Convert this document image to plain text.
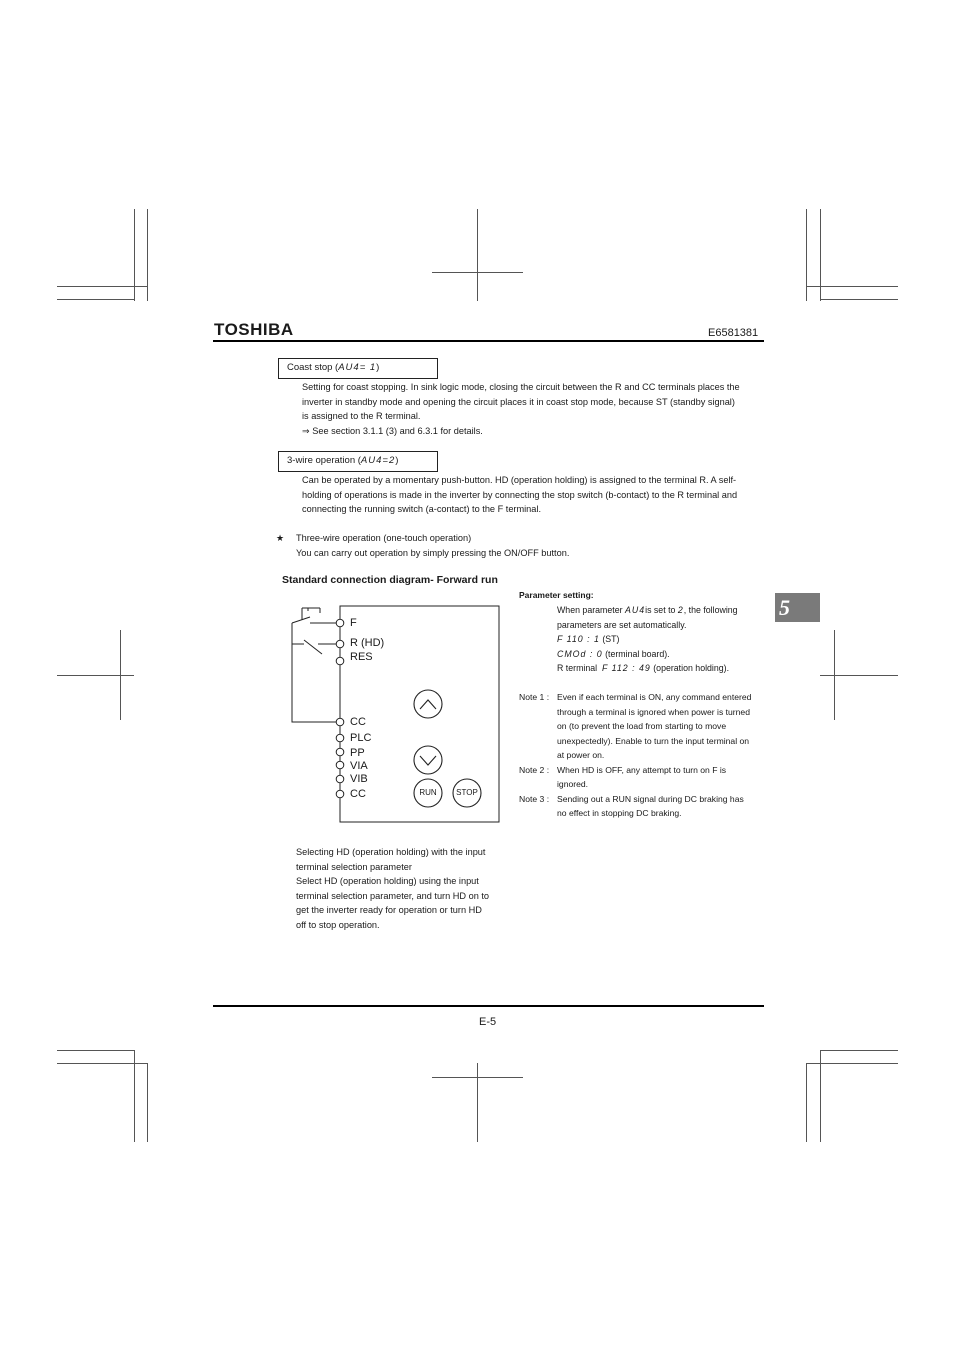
TOSHIBA	E6581381
Coast stop (AU4= 1)
Setting for coast stopping. In sink logic mode, closing the circuit between the R and CC terminals places the
inverter in standby mode and opening the circuit places it in coast stop mode, because ST (standby signal)
is assigned to the R terminal.
⇒ See section 3.1.1 (3) and 6.3.1 for details.
3-wire operation (AU4=2)
Can be operated by a momentary push-button. HD (operation holding) is assigned to the terminal R. A self-
holding of operations is made in the inverter by connecting the stop switch (b-contact) to the R terminal and
connecting the running switch (a-contact) to the F terminal.
★ Three-wire operation (one-touch operation)
You can carry out operation by simply pressing the ON/OFF button.
Standard connection diagram- Forward run
F
R (HD)
RES
CC
PLC
PP
VIA
VIB
CC	RUN	STOP
Parameter setting:
When parameter AU4is set to 2, the following
parameters are set automatically.
F 110 : 1 (ST)
CMOd : 0 (terminal board).
R terminal F 112 : 49 (operation holding).
Note 1 : Even if each terminal is ON, any command entered
through a terminal is ignored when power is turned
on (to prevent the load from starting to move
unexpectedly). Enable to turn the input terminal on
at power on.
Note 2 : When HD is OFF, any attempt to turn on F is
ignored.
Note 3 : Sending out a RUN signal during DC braking has
no effect in stopping DC braking.
Selecting HD (operation holding) with the input
terminal selection parameter
Select HD (operation holding) using the input
terminal selection parameter, and turn HD on to
get the inverter ready for operation or turn HD
off to stop operation.
5
E-5
